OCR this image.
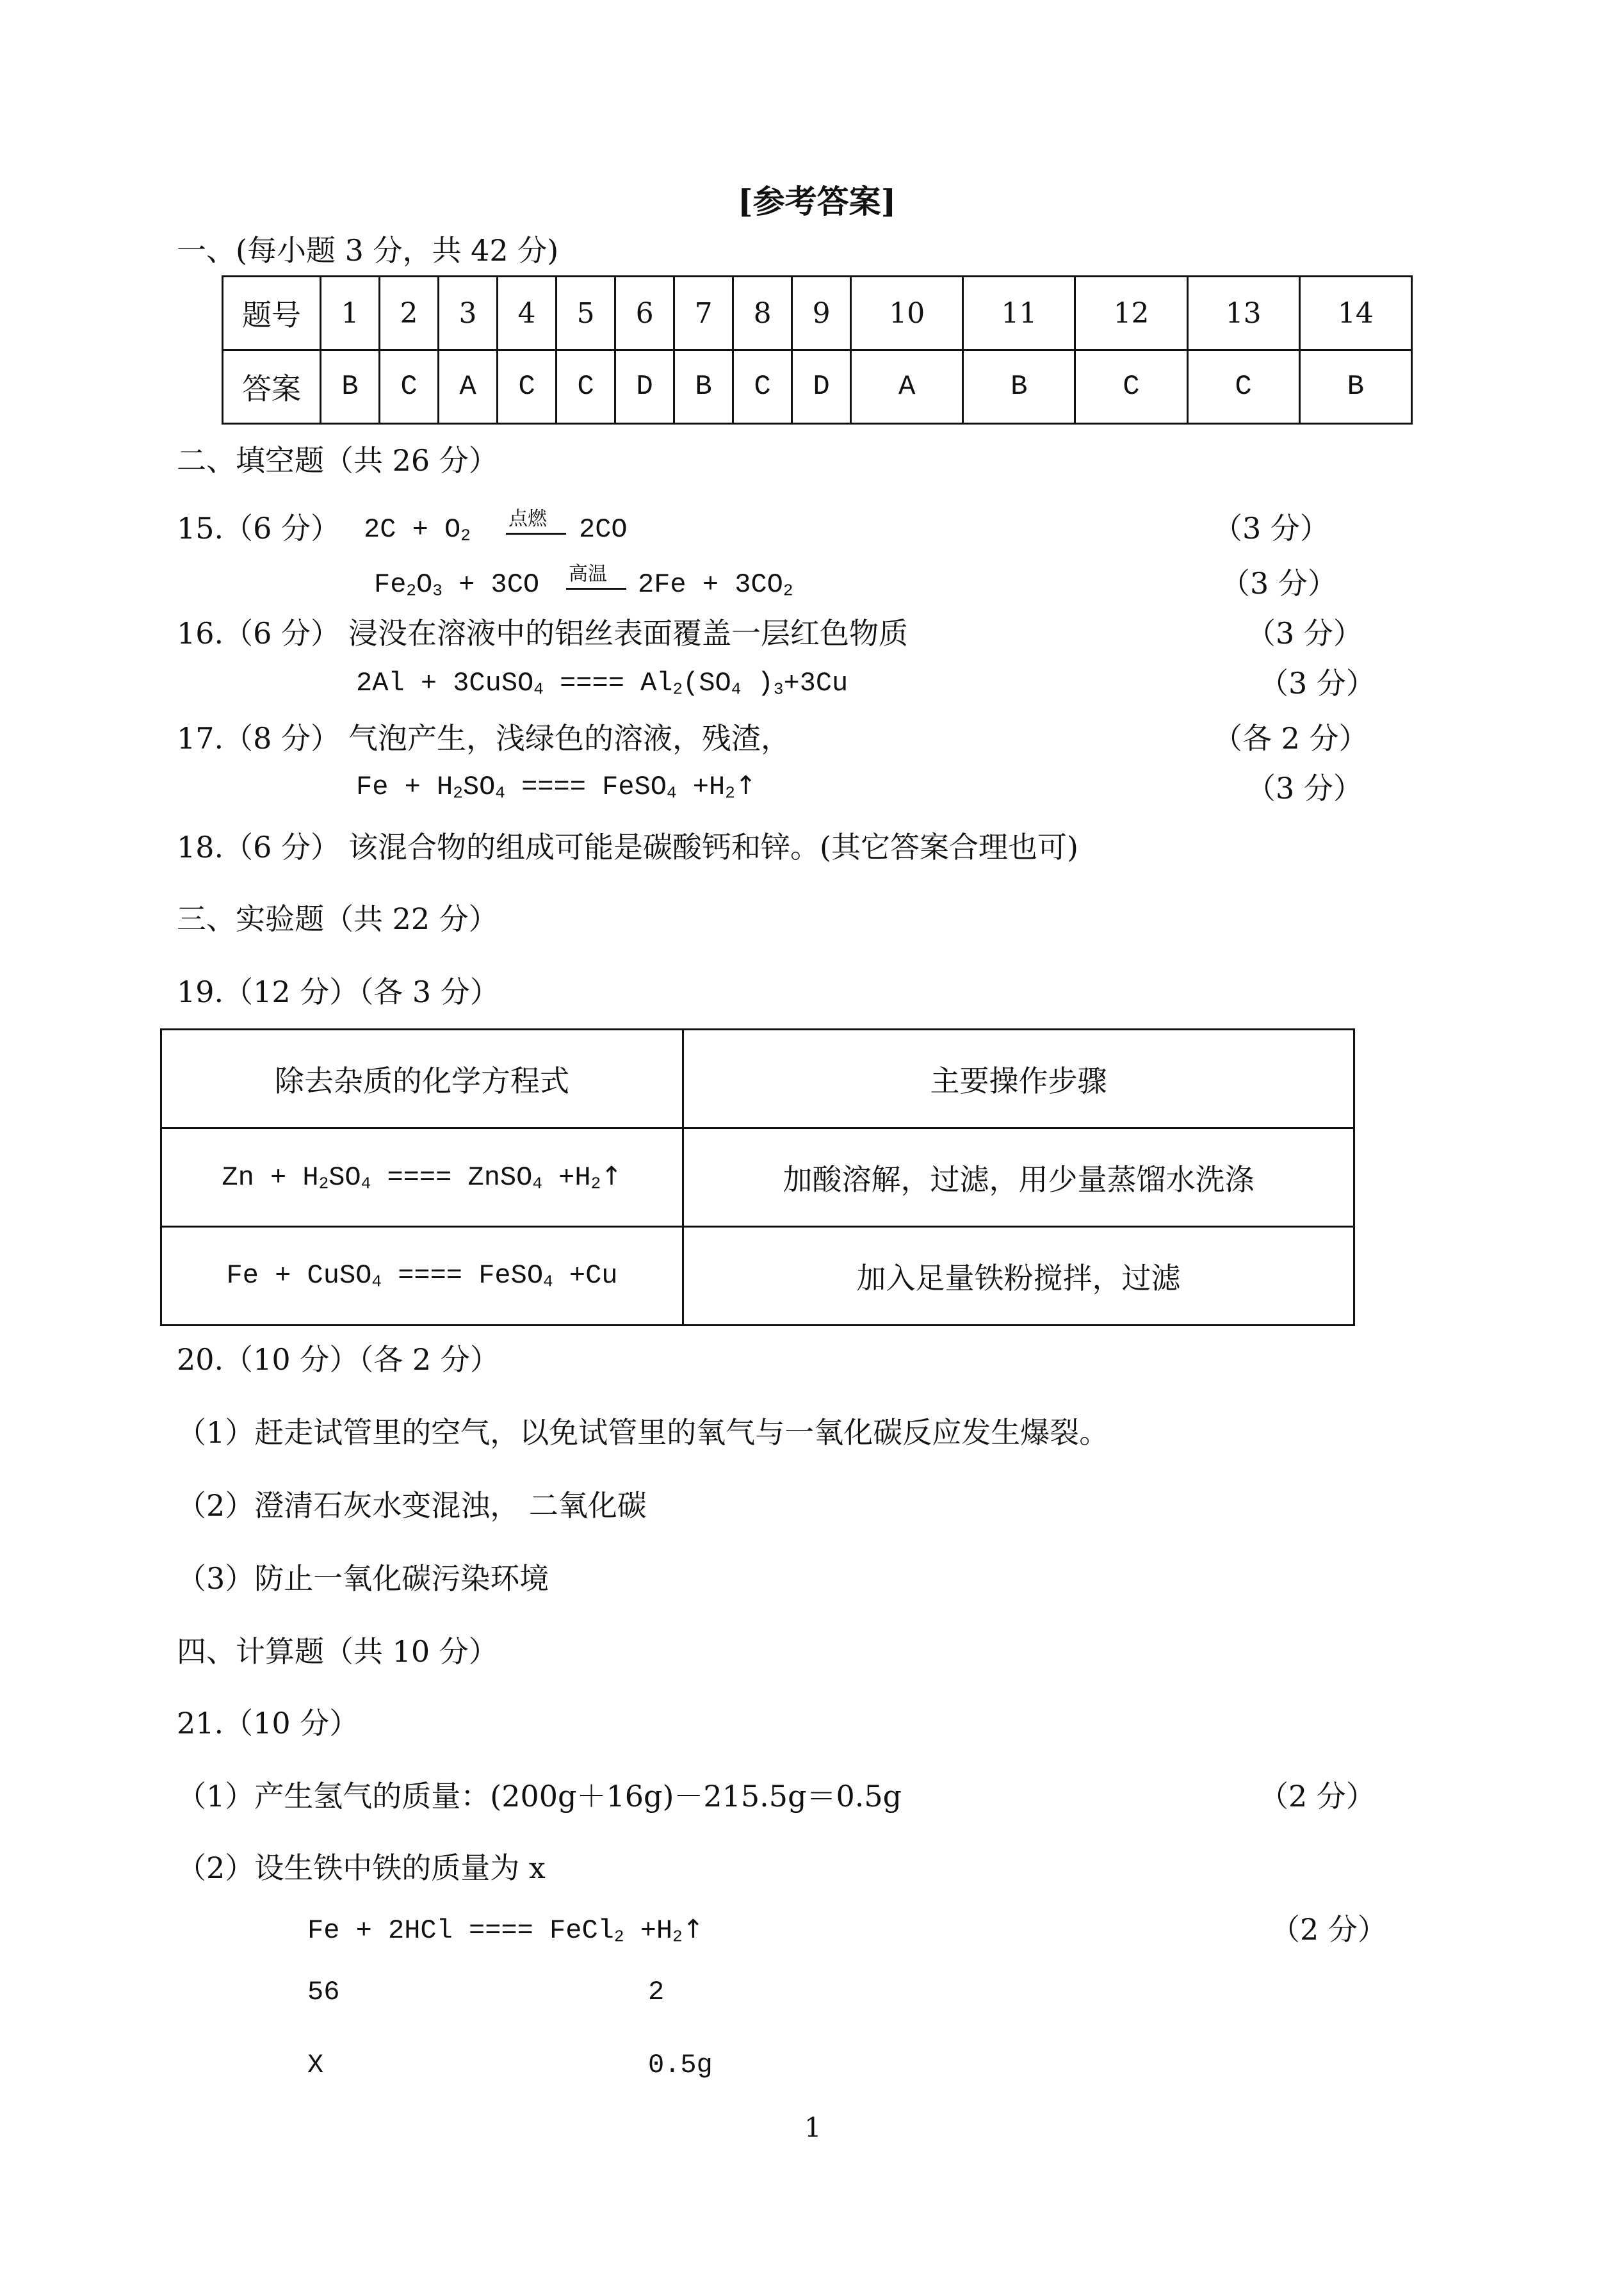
[参考答案]
一、(每小题 3 分，共 42 分)
题号	1	2	3	4	5	6	7	8	9	10	11	12	13	14
答案	B	C	A	C	C	D	B	C	D	A	B	C	C	B
二、填空题（共 26 分）
15.（6 分） $2C + O_2$
点燃 2CO	（3 分）
$Fe_2O_3 + 3CO$ 高温 $2Fe + 3CO_2$	（3 分）
16.（6 分） 浸没在溶液中的铝丝表面覆盖一层红色物质	（3 分）
2Al + 3CuSO$_4$ ==== $Al_2(SO_4$ )$_3+3Cu$	（3 分）
17.（8 分） 气泡产生，浅绿色的溶液，残渣，	（各 2 分）
$Fe + H_2SO_4$ ==== FeSO$_4$ $+H_2↑$	（3 分）
18.（6 分） 该混合物的组成可能是碳酸钙和锌。(其它答案合理也可)
三、实验题（共 22 分）
19.（12 分）（各 3 分）
除去杂质的化学方程式	主要操作步骤
$Zn + H_2SO_4$ ==== ZnSO$_4$ $+H_2↑$	加酸溶解，过滤，用少量蒸馏水洗涤
Fe + CuSO$_4$ ==== FeSO$_4$ +Cu	加入足量铁粉搅拌，过滤
20.（10 分）（各 2 分）
（1）赶走试管里的空气，以免试管里的氧气与一氧化碳反应发生爆裂。
（2）澄清石灰水变混浊， 二氧化碳
（3）防止一氧化碳污染环境
四、计算题（共 10 分）
21.（10 分）
（1）产生氢气的质量：(200g＋16g)－215.5g＝0.5g	（2 分）
（2）设生铁中铁的质量为 x
Fe + 2HCl ==== FeCl$_2$ $+H_2↑$	（2 分）
56	2
X	0.5g
1
